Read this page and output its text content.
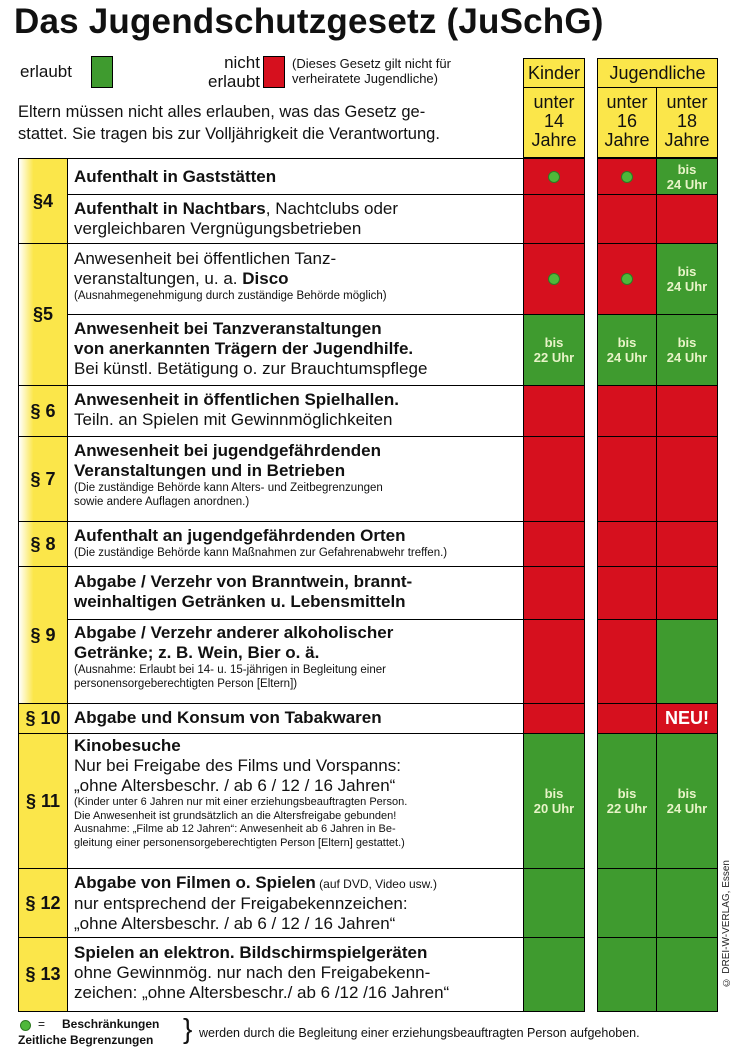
Das Jugendschutzgesetz (JuSchG)
erlaubt	nicht
erlaubt
(Dieses Gesetz gilt nicht für
verheiratete Jugendliche)
Eltern müssen nicht alles erlauben, was das Gesetz ge-
stattet. Sie tragen bis zur Volljährigkeit die Verantwortung.
Kinder
unter
14
Jahre
Jugendliche
unter
16
Jahre
unter
18
Jahre
§4
§5
§ 6
§ 7
§ 8
§ 9
§ 10
§ 11
§ 12
§ 13
Aufenthalt in Gaststätten
Aufenthalt in Nachtbars, Nachtclubs oder
vergleichbaren Vergnügungsbetrieben
Anwesenheit bei öffentlichen Tanz-
veranstaltungen, u. a. Disco
(Ausnahmegenehmigung durch zuständige Behörde möglich)
Anwesenheit bei Tanzveranstaltungen
von anerkannten Trägern der Jugendhilfe.
Bei künstl. Betätigung o. zur Brauchtumspflege
Anwesenheit in öffentlichen Spielhallen.
Teiln. an Spielen mit Gewinnmöglichkeiten
Anwesenheit bei jugendgefährdenden
Veranstaltungen und in Betrieben
(Die zuständige Behörde kann Alters- und Zeitbegrenzungen
sowie andere Auflagen anordnen.)
Aufenthalt an jugendgefährdenden Orten
(Die zuständige Behörde kann Maßnahmen zur Gefahrenabwehr treffen.)
Abgabe / Verzehr von Branntwein, brannt-
weinhaltigen Getränken u. Lebensmitteln
Abgabe / Verzehr anderer alkoholischer
Getränke; z. B. Wein, Bier o. ä.
(Ausnahme: Erlaubt bei 14- u. 15-jährigen in Begleitung einer
personensorgeberechtigten Person [Eltern])
Abgabe und Konsum von Tabakwaren
Kinobesuche
Nur bei Freigabe des Films und Vorspanns:
„ohne Altersbeschr. / ab 6 / 12 / 16 Jahren“
(Kinder unter 6 Jahren nur mit einer erziehungsbeauftragten Person.
Die Anwesenheit ist grundsätzlich an die Altersfreigabe gebunden!
Ausnahme: „Filme ab 12 Jahren“: Anwesenheit ab 6 Jahren in Be-
gleitung einer personensorgeberechtigten Person [Eltern] gestattet.)
Abgabe von Filmen o. Spielen (auf DVD, Video usw.)
nur entsprechend der Freigabekennzeichen:
„ohne Altersbeschr. / ab 6 / 12 / 16 Jahren“
Spielen an elektron. Bildschirmspielgeräten
ohne Gewinnmög. nur nach den Freigabekenn-
zeichen: „ohne Altersbeschr./ ab 6 /12 /16 Jahren“
bis
24 Uhr
bis
24 Uhr
bis
22 Uhr
bis
24 Uhr
bis
24 Uhr
NEU!
bis
20 Uhr
bis
22 Uhr
bis
24 Uhr
© DREI-W-VERLAG, Essen
= Beschränkungen
Zeitliche Begrenzungen } werden durch die Begleitung einer erziehungsbeauftragten Person aufgehoben.
